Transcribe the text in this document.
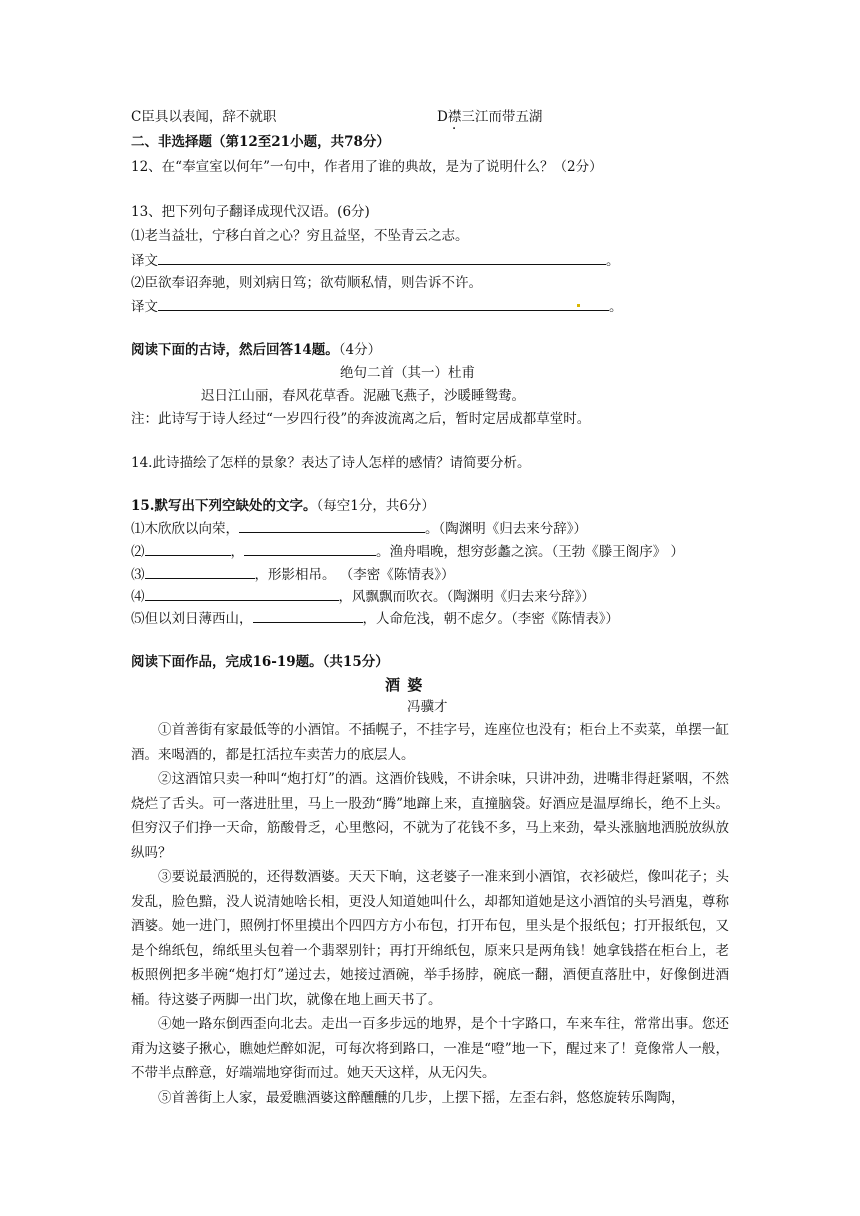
C臣具以表闻，辞不就职	D襟三江而带五湖
二、非选择题（第12至21小题，共78分）
12、在“奉宣室以何年”一句中，作者用了谁的典故，是为了说明什么？（2分）
13、把下列句子翻译成现代汉语。(6分)
⑴老当益壮，宁移白首之心？穷且益坚，不坠青云之志。
译文	。
⑵臣欲奉诏奔驰，则刘病日笃；欲苟顺私情，则告诉不许。
译文	。
阅读下面的古诗，然后回答14题。（4分）
绝句二首（其一）杜甫
迟日江山丽，春风花草香。泥融飞燕子，沙暖睡鸳鸯。
注：此诗写于诗人经过“一岁四行役”的奔波流离之后，暂时定居成都草堂时。
14.此诗描绘了怎样的景象？表达了诗人怎样的感情？请简要分析。
15.默写出下列空缺处的文字。（每空1分，共6分）
⑴木欣欣以向荣，	。（陶渊明《归去来兮辞》）
⑵	，	。渔舟唱晚，想穷彭蠡之滨。（王勃《滕王阁序》 ）
⑶	，形影相吊。 （李密《陈情表》）
⑷	，风飘飘而吹衣。（陶渊明《归去来兮辞》）
⑸但以刘日薄西山，	，人命危浅，朝不虑夕。（李密《陈情表》）
阅读下面作品，完成16-19题。（共15分）
酒 婆
冯骥才

①首善街有家最低等的小酒馆。不插幌子，不挂字号，连座位也没有；柜台上不卖菜，单摆一缸酒。来喝酒的，都是扛活拉车卖苦力的底层人。

②这酒馆只卖一种叫“炮打灯”的酒。这酒价钱贱，不讲余味，只讲冲劲，进嘴非得赶紧咽，不然烧烂了舌头。可一落进肚里，马上一股劲“腾”地蹿上来，直撞脑袋。好酒应是温厚绵长，绝不上头。但穷汉子们挣一天命，筋酸骨乏，心里憋闷，不就为了花钱不多，马上来劲，晕头涨脑地洒脱放纵放纵吗？

③要说最洒脱的，还得数酒婆。天天下晌，这老婆子一准来到小酒馆，衣衫破烂，像叫花子；头发乱，脸色黯，没人说清她啥长相，更没人知道她叫什么，却都知道她是这小酒馆的头号酒鬼，尊称酒婆。她一进门，照例打怀里摸出个四四方方小布包，打开布包，里头是个报纸包；打开报纸包，又是个绵纸包，绵纸里头包着一个翡翠别针；再打开绵纸包，原来只是两角钱！她拿钱搭在柜台上，老板照例把多半碗“炮打灯”递过去，她接过酒碗，举手扬脖，碗底一翻，酒便直落肚中，好像倒进酒桶。待这婆子两脚一出门坎，就像在地上画天书了。

④她一路东倒西歪向北去。走出一百多步远的地界，是个十字路口，车来车往，常常出事。您还甭为这婆子揪心，瞧她烂醉如泥，可每次将到路口，一准是“噔”地一下，醒过来了！竟像常人一般，不带半点醉意，好端端地穿街而过。她天天这样，从无闪失。

⑤首善街上人家，最爱瞧酒婆这醉醺醺的几步，上摆下摇，左歪右斜，悠悠旋转乐陶陶，
